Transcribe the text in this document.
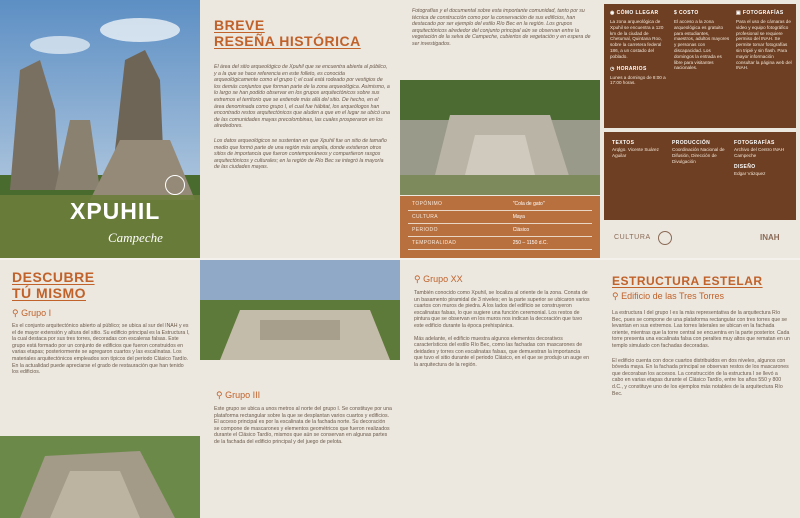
XPUHIL
Campeche
BREVE
RESEÑA HISTÓRICA

El área del sitio arqueológico de Xpuhil que se encuentra abierta al público, y a la que se hace referencia en este folleto, es conocida arqueológicamente como el grupo I; el cual está rodeado por vestigios de los demás conjuntos que forman parte de la zona arqueológica. Asimismo, a lo largo se han podido observar en los grupos arquitectónicos sobre sus extremos el territorio que se extiende más allá del sitio. De hecho, en el área denominada como grupo I, el cual fue hábitat, los arqueólogos han encontrado restos arquitectónicos que aluden a que en el lugar se ubicó una de las comunidades mayas precolombinas, las cuales prosperaron en los alrededores.

Los datos arqueológicos se sustentan en que Xpuhil fue un sitio de tamaño medio que formó parte de una región más amplia, donde existieron otros sitios de importancia que fueron contemporáneos y compartieron rasgos arquitectónicos y culturales; en la región de Río Bec se integró la mayoría de las ciudades mayas.

Fotografías y el documental sobre esta importante comunidad, tanto por su técnica de construcción como por la conservación de sus edificios, han destacado por ser ejemplo del estilo Río Bec en la región. Los grupos arquitectónicos alrededor del conjunto principal aún se observan entre la vegetación de la selva de Campeche, cubiertos de vegetación y en espera de ser investigados.

TOPÓNIMO	"Cola de gato"
CULTURA	Maya
PERIODO	Clásico
TEMPORALIDAD	250 – 1150 d.C.

◉ CÓMO LLEGAR

La zona arqueológica de Xpuhil se encuentra a 120 km de la ciudad de Chetumal, Quintana Roo, sobre la carretera federal 186, a un costado del poblado.

◷ HORARIOS

Lunes a domingo de 8:00 a 17:00 horas.

$ COSTO

El acceso a la zona arqueológica es gratuito para estudiantes, maestros, adultos mayores y personas con discapacidad. Los domingos la entrada es libre para visitantes nacionales.

▣ FOTOGRAFÍAS

Para el uso de cámaras de video y equipo fotográfico profesional se requiere permiso del INAH. Se permite tomar fotografías sin tripié y sin flash. Para mayor información consultar la página web del INAH.

TEXTOS

Arqlgo. Vicente Suárez Aguilar

PRODUCCIÓN

Coordinación Nacional de Difusión, Dirección de Divulgación

FOTOGRAFÍAS

Archivo del Centro INAH Campeche

DISEÑO

Edgar Vázquez

CULTURA	INAH
DESCUBRE
TÚ MISMO

⚲ Grupo I

Es el conjunto arquitectónico abierto al público; se ubica al sur del INAH y es el de mayor extensión y altura del sitio. Su edificio principal es la Estructura I, la cual destaca por sus tres torres, decoradas con escaleras falsas. Este grupo está formado por un conjunto de edificios que fueron construidos en varias etapas; posteriormente se agregaron cuartos y las escalinatas. Los materiales arquitectónicos empleados son típicos del periodo Clásico Tardío. En la actualidad puede apreciarse el grado de restauración que han tenido los edificios.

⚲ Grupo III

Este grupo se ubica a unos metros al norte del grupo I. Se constituye por una plataforma rectangular sobre la que se desplantan varios cuartos y edificios. El acceso principal es por la escalinata de la fachada norte. Su decoración se compone de mascarones y elementos geométricos que fueron realizados durante el Clásico Tardío, mismos que aún se conservan en algunas partes de la fachada del edificio principal y del juego de pelota.

⚲ Grupo XX

También conocido como Xpuhil, se localiza al oriente de la zona. Consta de un basamento piramidal de 3 niveles; en la parte superior se ubicaron varios cuartos con muros de piedra. A los lados del edificio se construyeron escalinatas falsas, lo que sugiere una función ceremonial. Los restos de pintura que se observan en los muros nos indican la decoración que tuvo este edificio durante la época prehispánica.

Más adelante, el edificio muestra algunos elementos decorativos característicos del estilo Río Bec, como las fachadas con mascarones de deidades y torres con escalinatas falsas, que demuestran la importancia que tuvo el sitio durante el periodo Clásico, en el que se produjo un auge en la arquitectura de la región.

ESTRUCTURA ESTELAR

⚲ Edificio de las Tres Torres

La estructura I del grupo I es la más representativa de la arquitectura Río Bec, pues se compone de una plataforma rectangular con tres torres que se levantan en sus extremos. Las torres laterales se ubican en la fachada oriente, mientras que la torre central se encuentra en la parte posterior. Cada torre presenta una escalinata falsa con peraltes muy altos que rematan en un templo simulado con fachadas decoradas.

El edificio cuenta con doce cuartos distribuidos en dos niveles, algunos con bóveda maya. En la fachada principal se observan restos de los mascarones que decoraban los accesos. La construcción de la estructura I se llevó a cabo en varias etapas durante el Clásico Tardío, entre los años 550 y 800 d.C., y constituye uno de los ejemplos más notables de la arquitectura Río Bec.
